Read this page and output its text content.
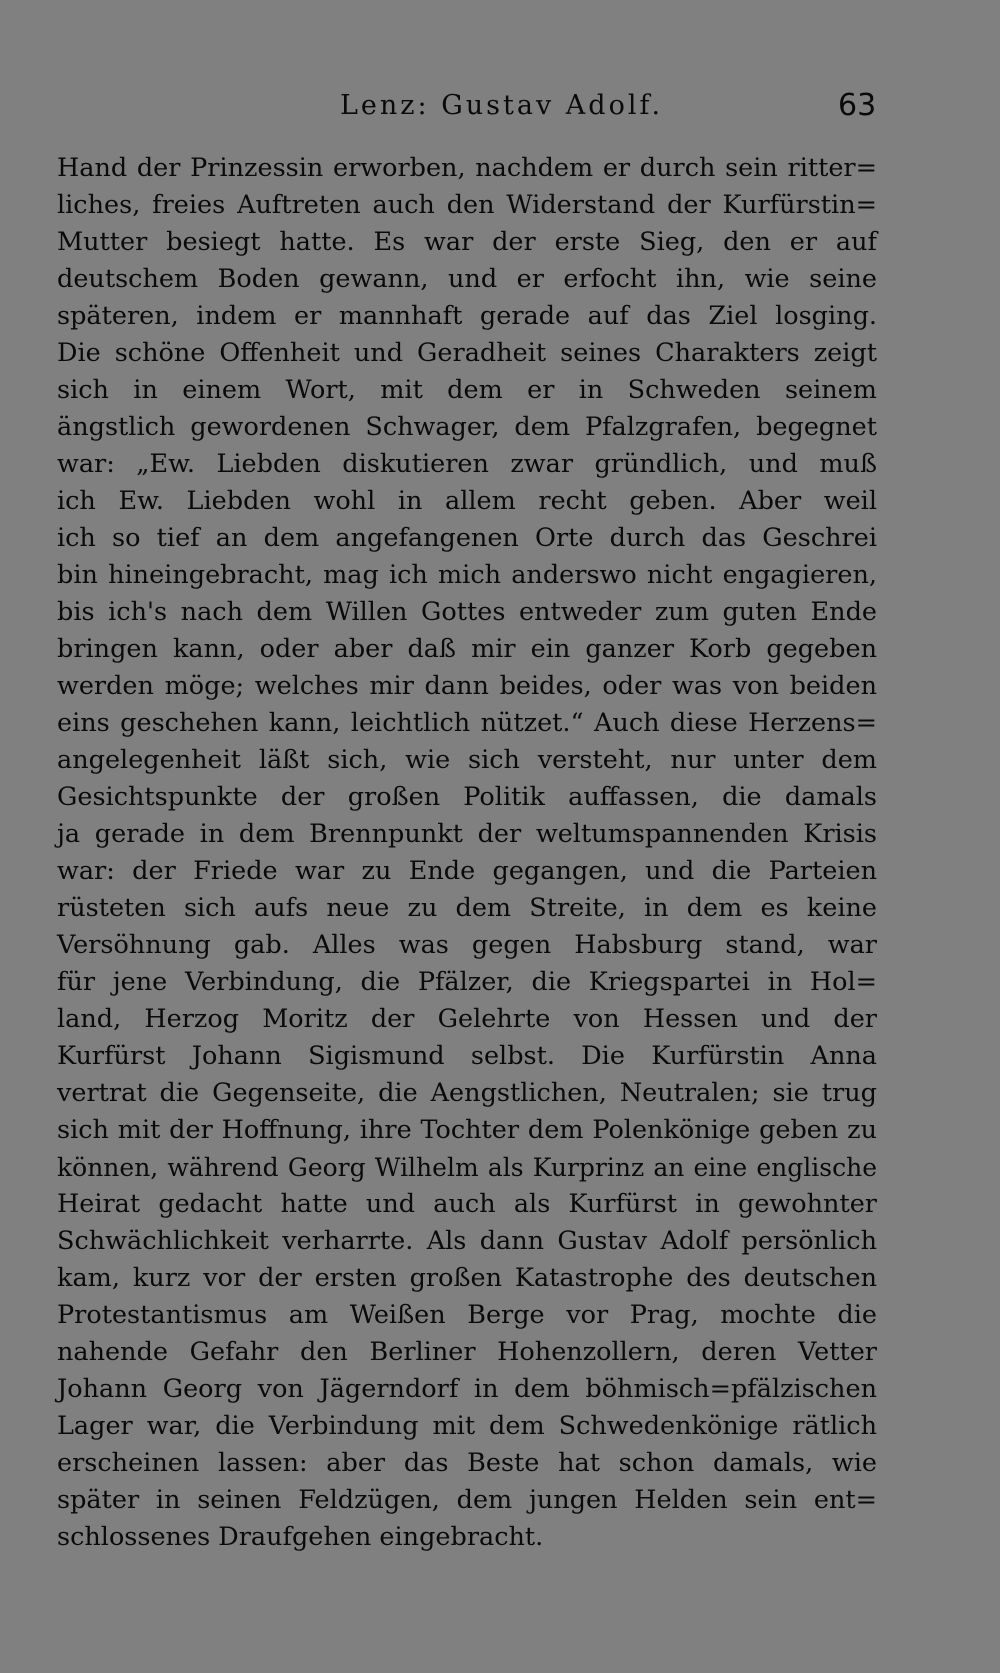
Lenz: Gustav Adolf.	63
Hand der Prinzessin erworben, nachdem er durch sein ritter=
liches, freies Auftreten auch den Widerstand der Kurfürstin=
Mutter besiegt hatte. Es war der erste Sieg, den er auf
deutschem Boden gewann, und er erfocht ihn, wie seine
späteren, indem er mannhaft gerade auf das Ziel losging.
Die schöne Offenheit und Geradheit seines Charakters zeigt
sich in einem Wort, mit dem er in Schweden seinem
ängstlich gewordenen Schwager, dem Pfalzgrafen, begegnet
war: „Ew. Liebden diskutieren zwar gründlich, und muß
ich Ew. Liebden wohl in allem recht geben. Aber weil
ich so tief an dem angefangenen Orte durch das Geschrei
bin hineingebracht, mag ich mich anderswo nicht engagieren,
bis ich's nach dem Willen Gottes entweder zum guten Ende
bringen kann, oder aber daß mir ein ganzer Korb gegeben
werden möge; welches mir dann beides, oder was von beiden
eins geschehen kann, leichtlich nützet.“ Auch diese Herzens=
angelegenheit läßt sich, wie sich versteht, nur unter dem
Gesichtspunkte der großen Politik auffassen, die damals
ja gerade in dem Brennpunkt der weltumspannenden Krisis
war: der Friede war zu Ende gegangen, und die Parteien
rüsteten sich aufs neue zu dem Streite, in dem es keine
Versöhnung gab. Alles was gegen Habsburg stand, war
für jene Verbindung, die Pfälzer, die Kriegspartei in Hol=
land, Herzog Moritz der Gelehrte von Hessen und der
Kurfürst Johann Sigismund selbst. Die Kurfürstin Anna
vertrat die Gegenseite, die Aengstlichen, Neutralen; sie trug
sich mit der Hoffnung, ihre Tochter dem Polenkönige geben zu
können, während Georg Wilhelm als Kurprinz an eine englische
Heirat gedacht hatte und auch als Kurfürst in gewohnter
Schwächlichkeit verharrte. Als dann Gustav Adolf persönlich
kam, kurz vor der ersten großen Katastrophe des deutschen
Protestantismus am Weißen Berge vor Prag, mochte die
nahende Gefahr den Berliner Hohenzollern, deren Vetter
Johann Georg von Jägerndorf in dem böhmisch=pfälzischen
Lager war, die Verbindung mit dem Schwedenkönige rätlich
erscheinen lassen: aber das Beste hat schon damals, wie
später in seinen Feldzügen, dem jungen Helden sein ent=
schlossenes Draufgehen eingebracht.
